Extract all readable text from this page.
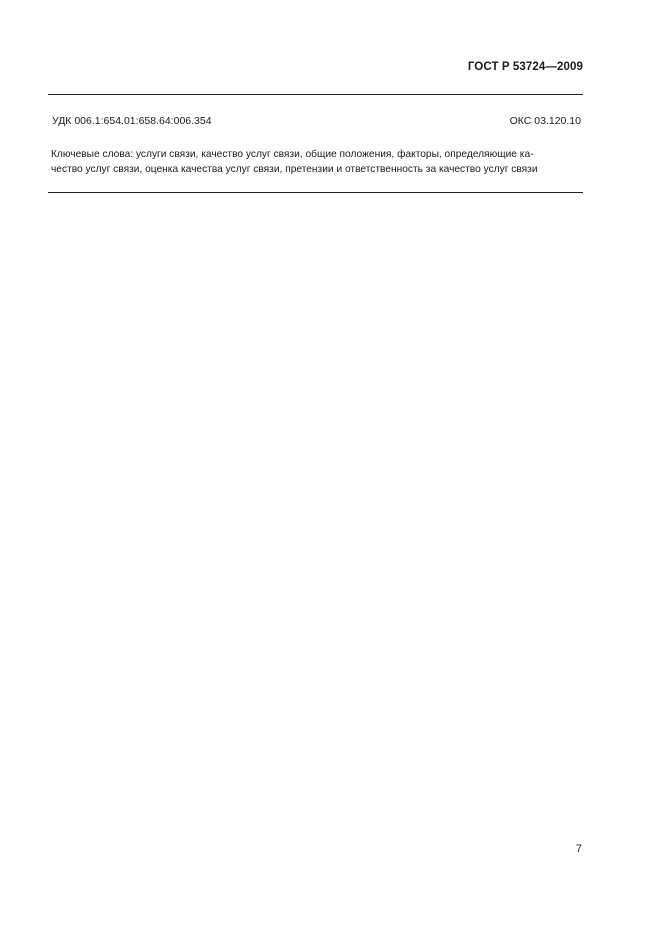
ГОСТ Р 53724—2009
УДК 006.1:654.01:658.64:006.354	ОКС 03.120.10
Ключевые слова: услуги связи, качество услуг связи, общие положения, факторы, определяющие ка-
чество услуг связи, оценка качества услуг связи, претензии и ответственность за качество услуг связи
7
